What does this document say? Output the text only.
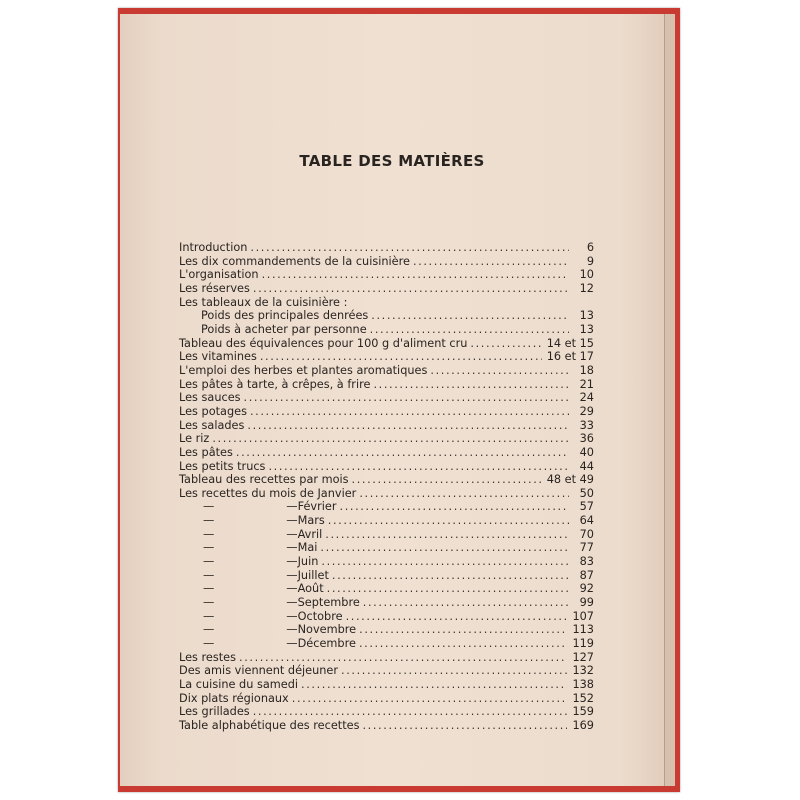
TABLE DES MATIÈRES
Introduction .....	6
Les dix commandements de la cuisinière .....	9
L'organisation .....	10
Les réserves .....	12
Les tableaux de la cuisinière :
Poids des principales denrées .....	13
Poids à acheter par personne .....	13
Tableau des équivalences pour 100 g d'aliment cru .....	14 et 15
Les vitamines .....	16 et 17
L'emploi des herbes et plantes aromatiques .....	18
Les pâtes à tarte, à crêpes, à frire .....	21
Les sauces .....	24
Les potages .....	29
Les salades .....	33
Le riz .....	36
Les pâtes .....	40
Les petits trucs .....	44
Tableau des recettes par mois .....	48 et 49
Les recettes du mois de Janvier .....	50
—	— Février .....	57
—	— Mars .....	64
—	— Avril .....	70
—	— Mai .....	77
—	— Juin .....	83
—	— Juillet .....	87
—	— Août .....	92
—	— Septembre .....	99
—	— Octobre .....	107
—	— Novembre .....	113
—	— Décembre .....	119
Les restes .....	127
Des amis viennent déjeuner .....	132
La cuisine du samedi .....	138
Dix plats régionaux .....	152
Les grillades .....	159
Table alphabétique des recettes .....	169
